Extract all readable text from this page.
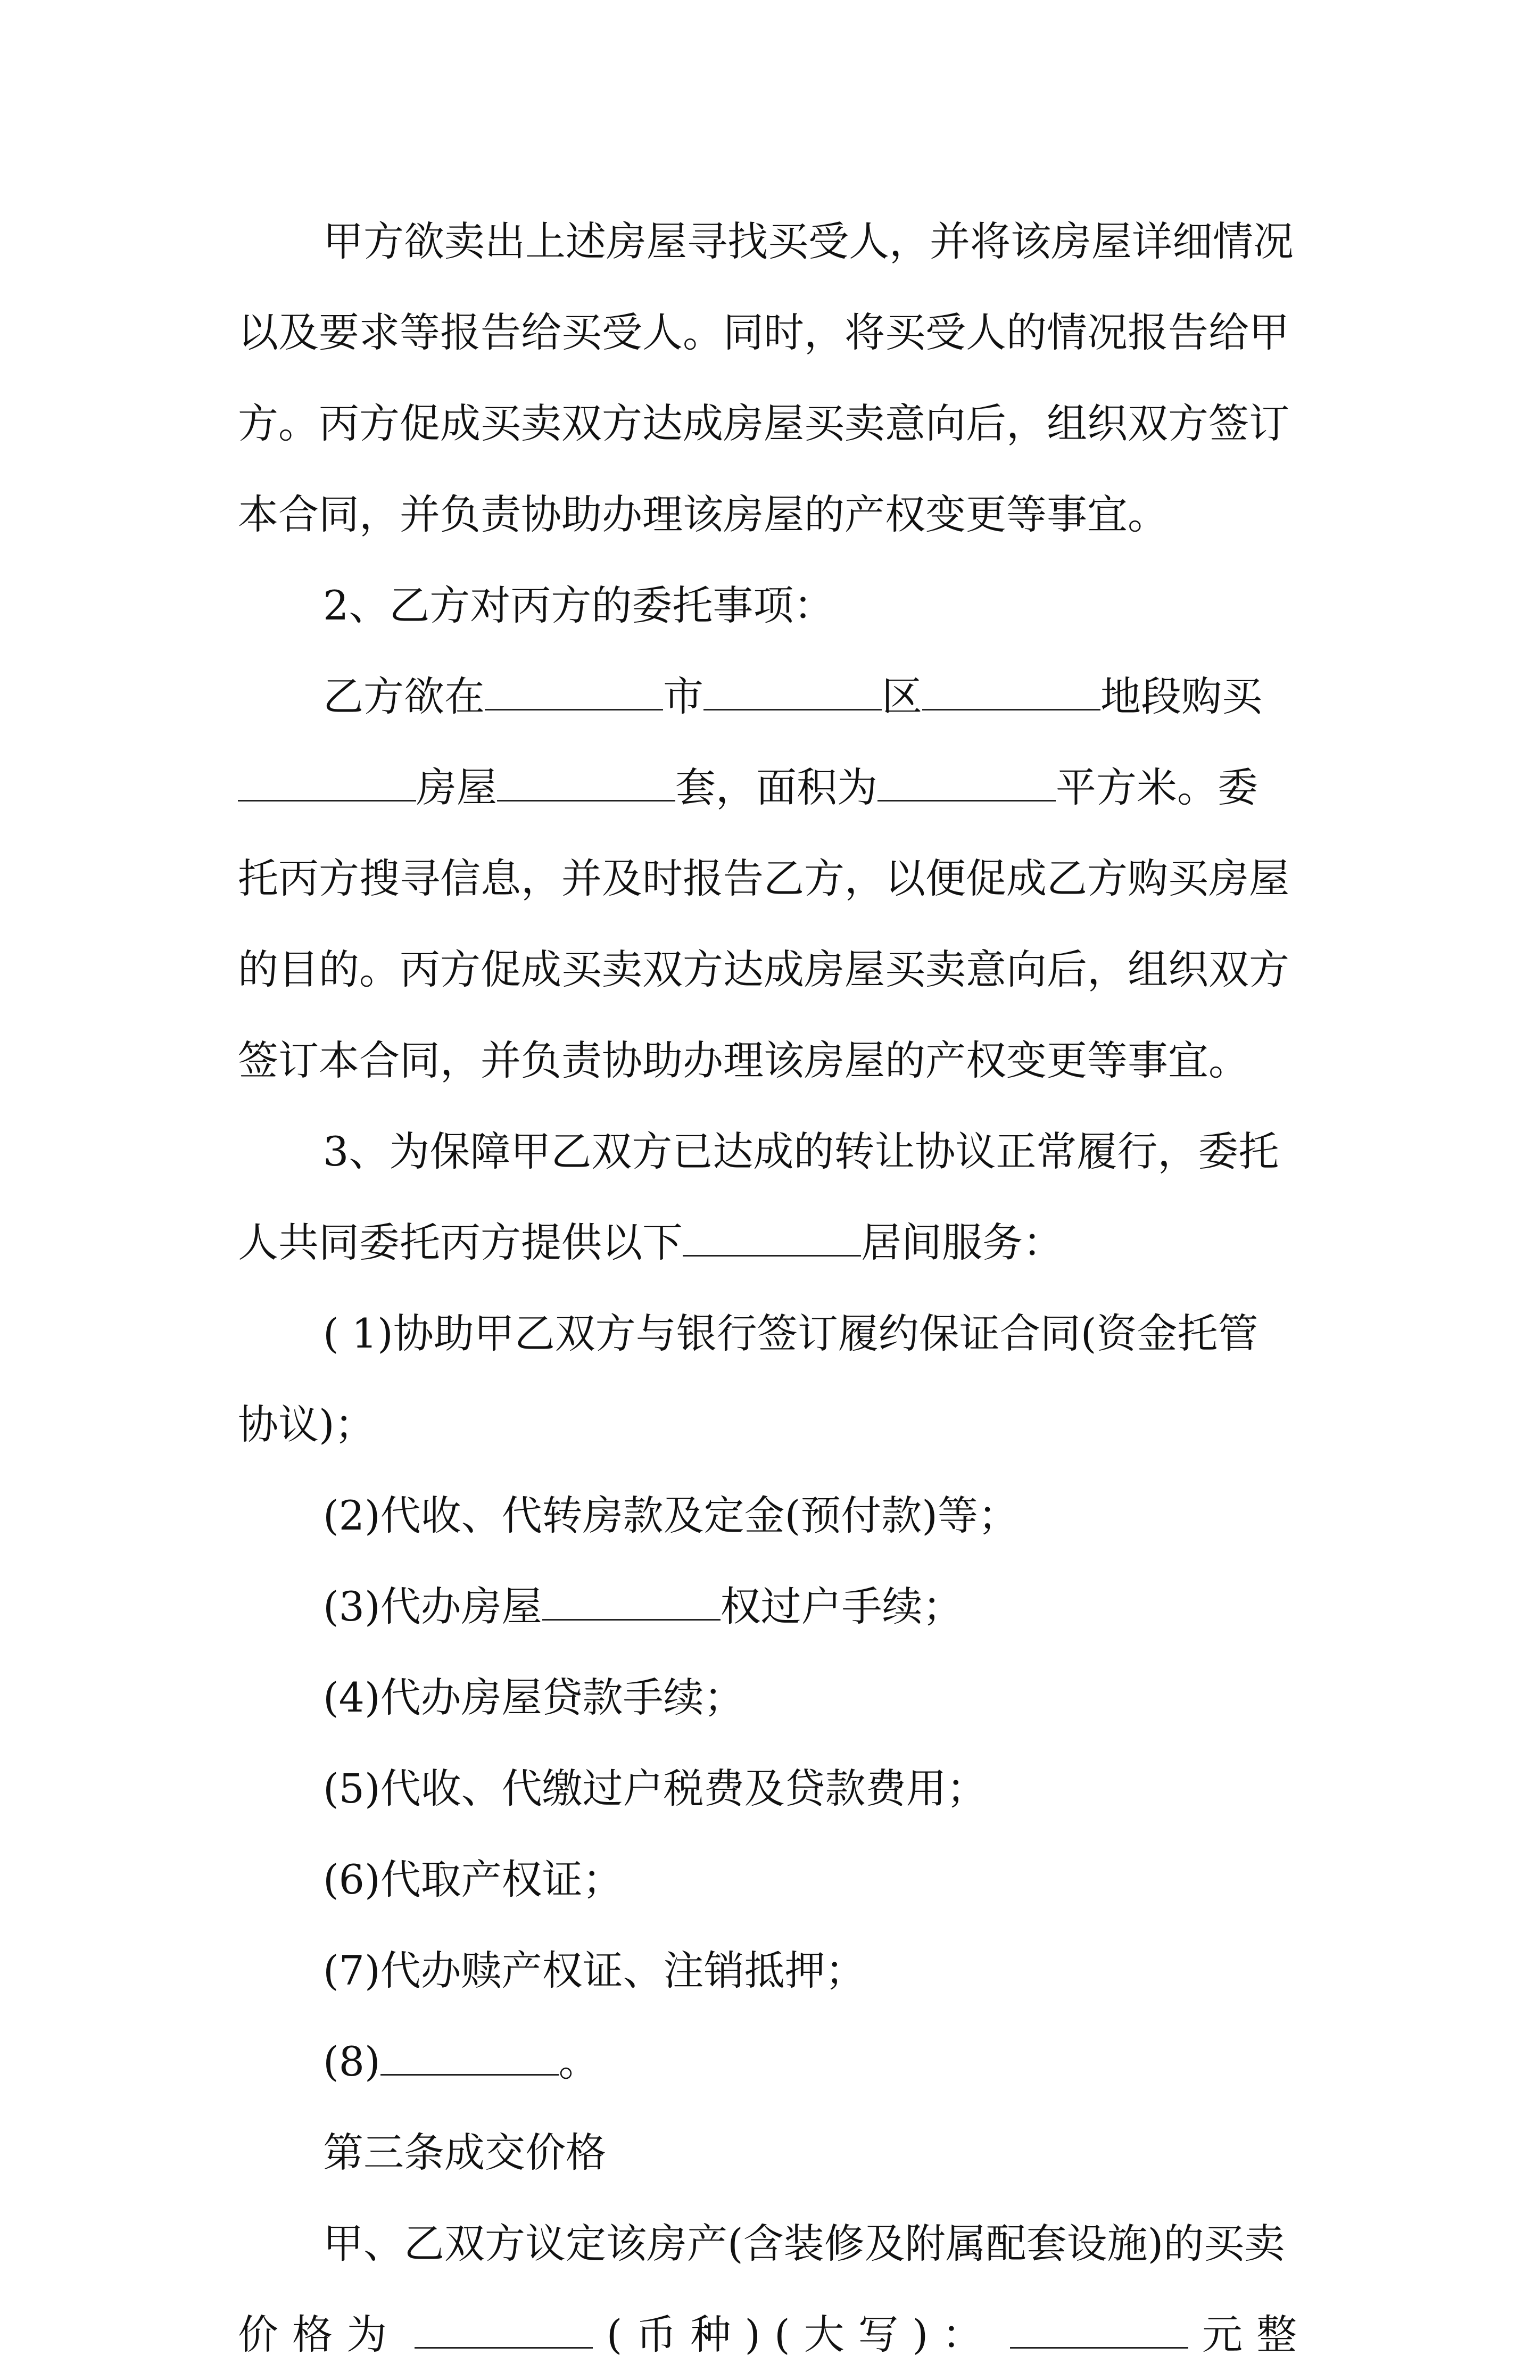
甲方欲卖出上述房屋寻找买受人，并将该房屋详细情况
以及要求等报告给买受人。同时，将买受人的情况报告给甲
方。丙方促成买卖双方达成房屋买卖意向后，组织双方签订
本合同，并负责协助办理该房屋的产权变更等事宜。
2、乙方对丙方的委托事项：
乙方欲在	市	区	地段购买
房屋	套，面积为	平方米。委
托丙方搜寻信息，并及时报告乙方，以便促成乙方购买房屋
的目的。丙方促成买卖双方达成房屋买卖意向后，组织双方
签订本合同，并负责协助办理该房屋的产权变更等事宜。
3、为保障甲乙双方已达成的转让协议正常履行，委托
人共同委托丙方提供以下	居间服务：
( 1)协助甲乙双方与银行签订履约保证合同(资金托管
协议)；
(2)代收、代转房款及定金(预付款)等；
(3)代办房屋	权过户手续；
(4)代办房屋贷款手续；
(5)代收、代缴过户税费及贷款费用；
(6)代取产权证；
(7)代办赎产权证、注销抵押；
(8)	。
第三条成交价格
甲、乙双方议定该房产(含装修及附属配套设施)的买卖
价格为	(币种)(大写)：	元整
